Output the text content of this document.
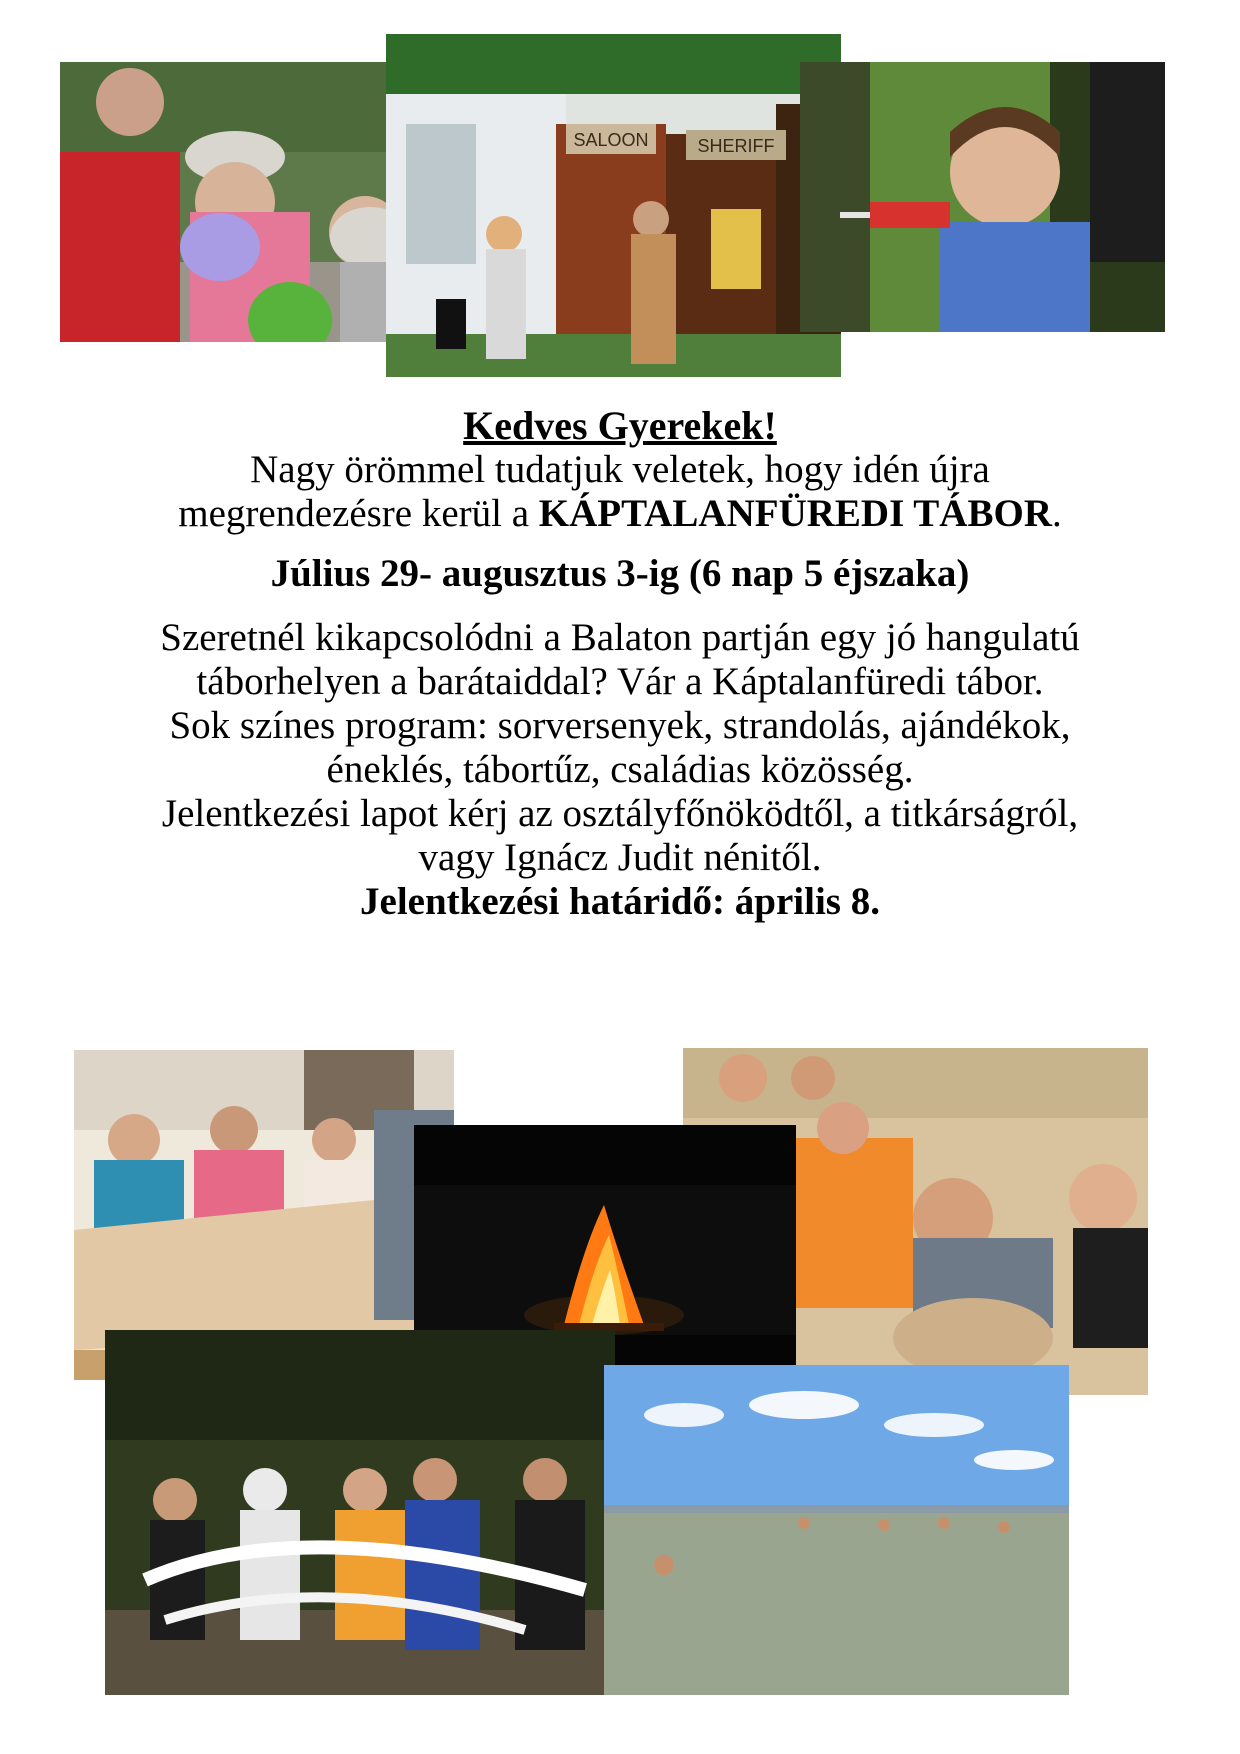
SALOON	SHERIFF

Kedves Gyerekek!

Nagy örömmel tudatjuk veletek, hogy idén újra

megrendezésre kerül a KÁPTALANFÜREDI TÁBOR.

Július 29- augusztus 3-ig (6 nap 5 éjszaka)

Szeretnél kikapcsolódni a Balaton partján egy jó hangulatú

táborhelyen a barátaiddal? Vár a Káptalanfüredi tábor.

Sok színes program: sorversenyek, strandolás, ajándékok,

éneklés, tábortűz, családias közösség.

Jelentkezési lapot kérj az osztályfőnöködtől, a titkárságról,

vagy Ignácz Judit nénitől.

Jelentkezési határidő: április 8.
